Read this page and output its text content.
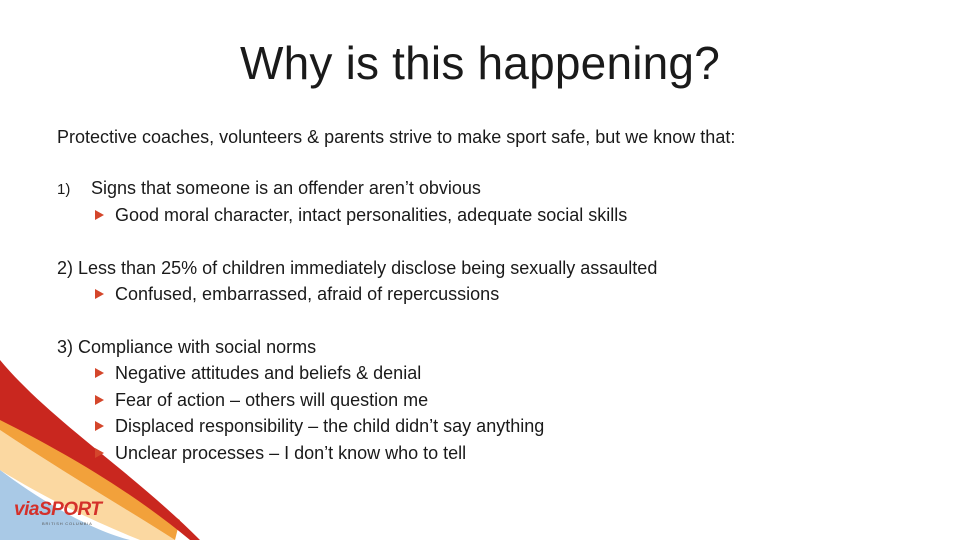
Why is this happening?

Protective coaches, volunteers & parents strive to make sport safe, but we know that:

1) Signs that someone is an offender aren’t obvious

Good moral character, intact personalities, adequate social skills

2) Less than 25% of children immediately disclose being sexually assaulted

Confused, embarrassed, afraid of repercussions

3) Compliance with social norms

Negative attitudes and beliefs & denial
Fear of action – others will question me
Displaced responsibility – the child didn’t say anything
Unclear processes – I don’t know who to tell
viaSPORT
BRITISH COLUMBIA
